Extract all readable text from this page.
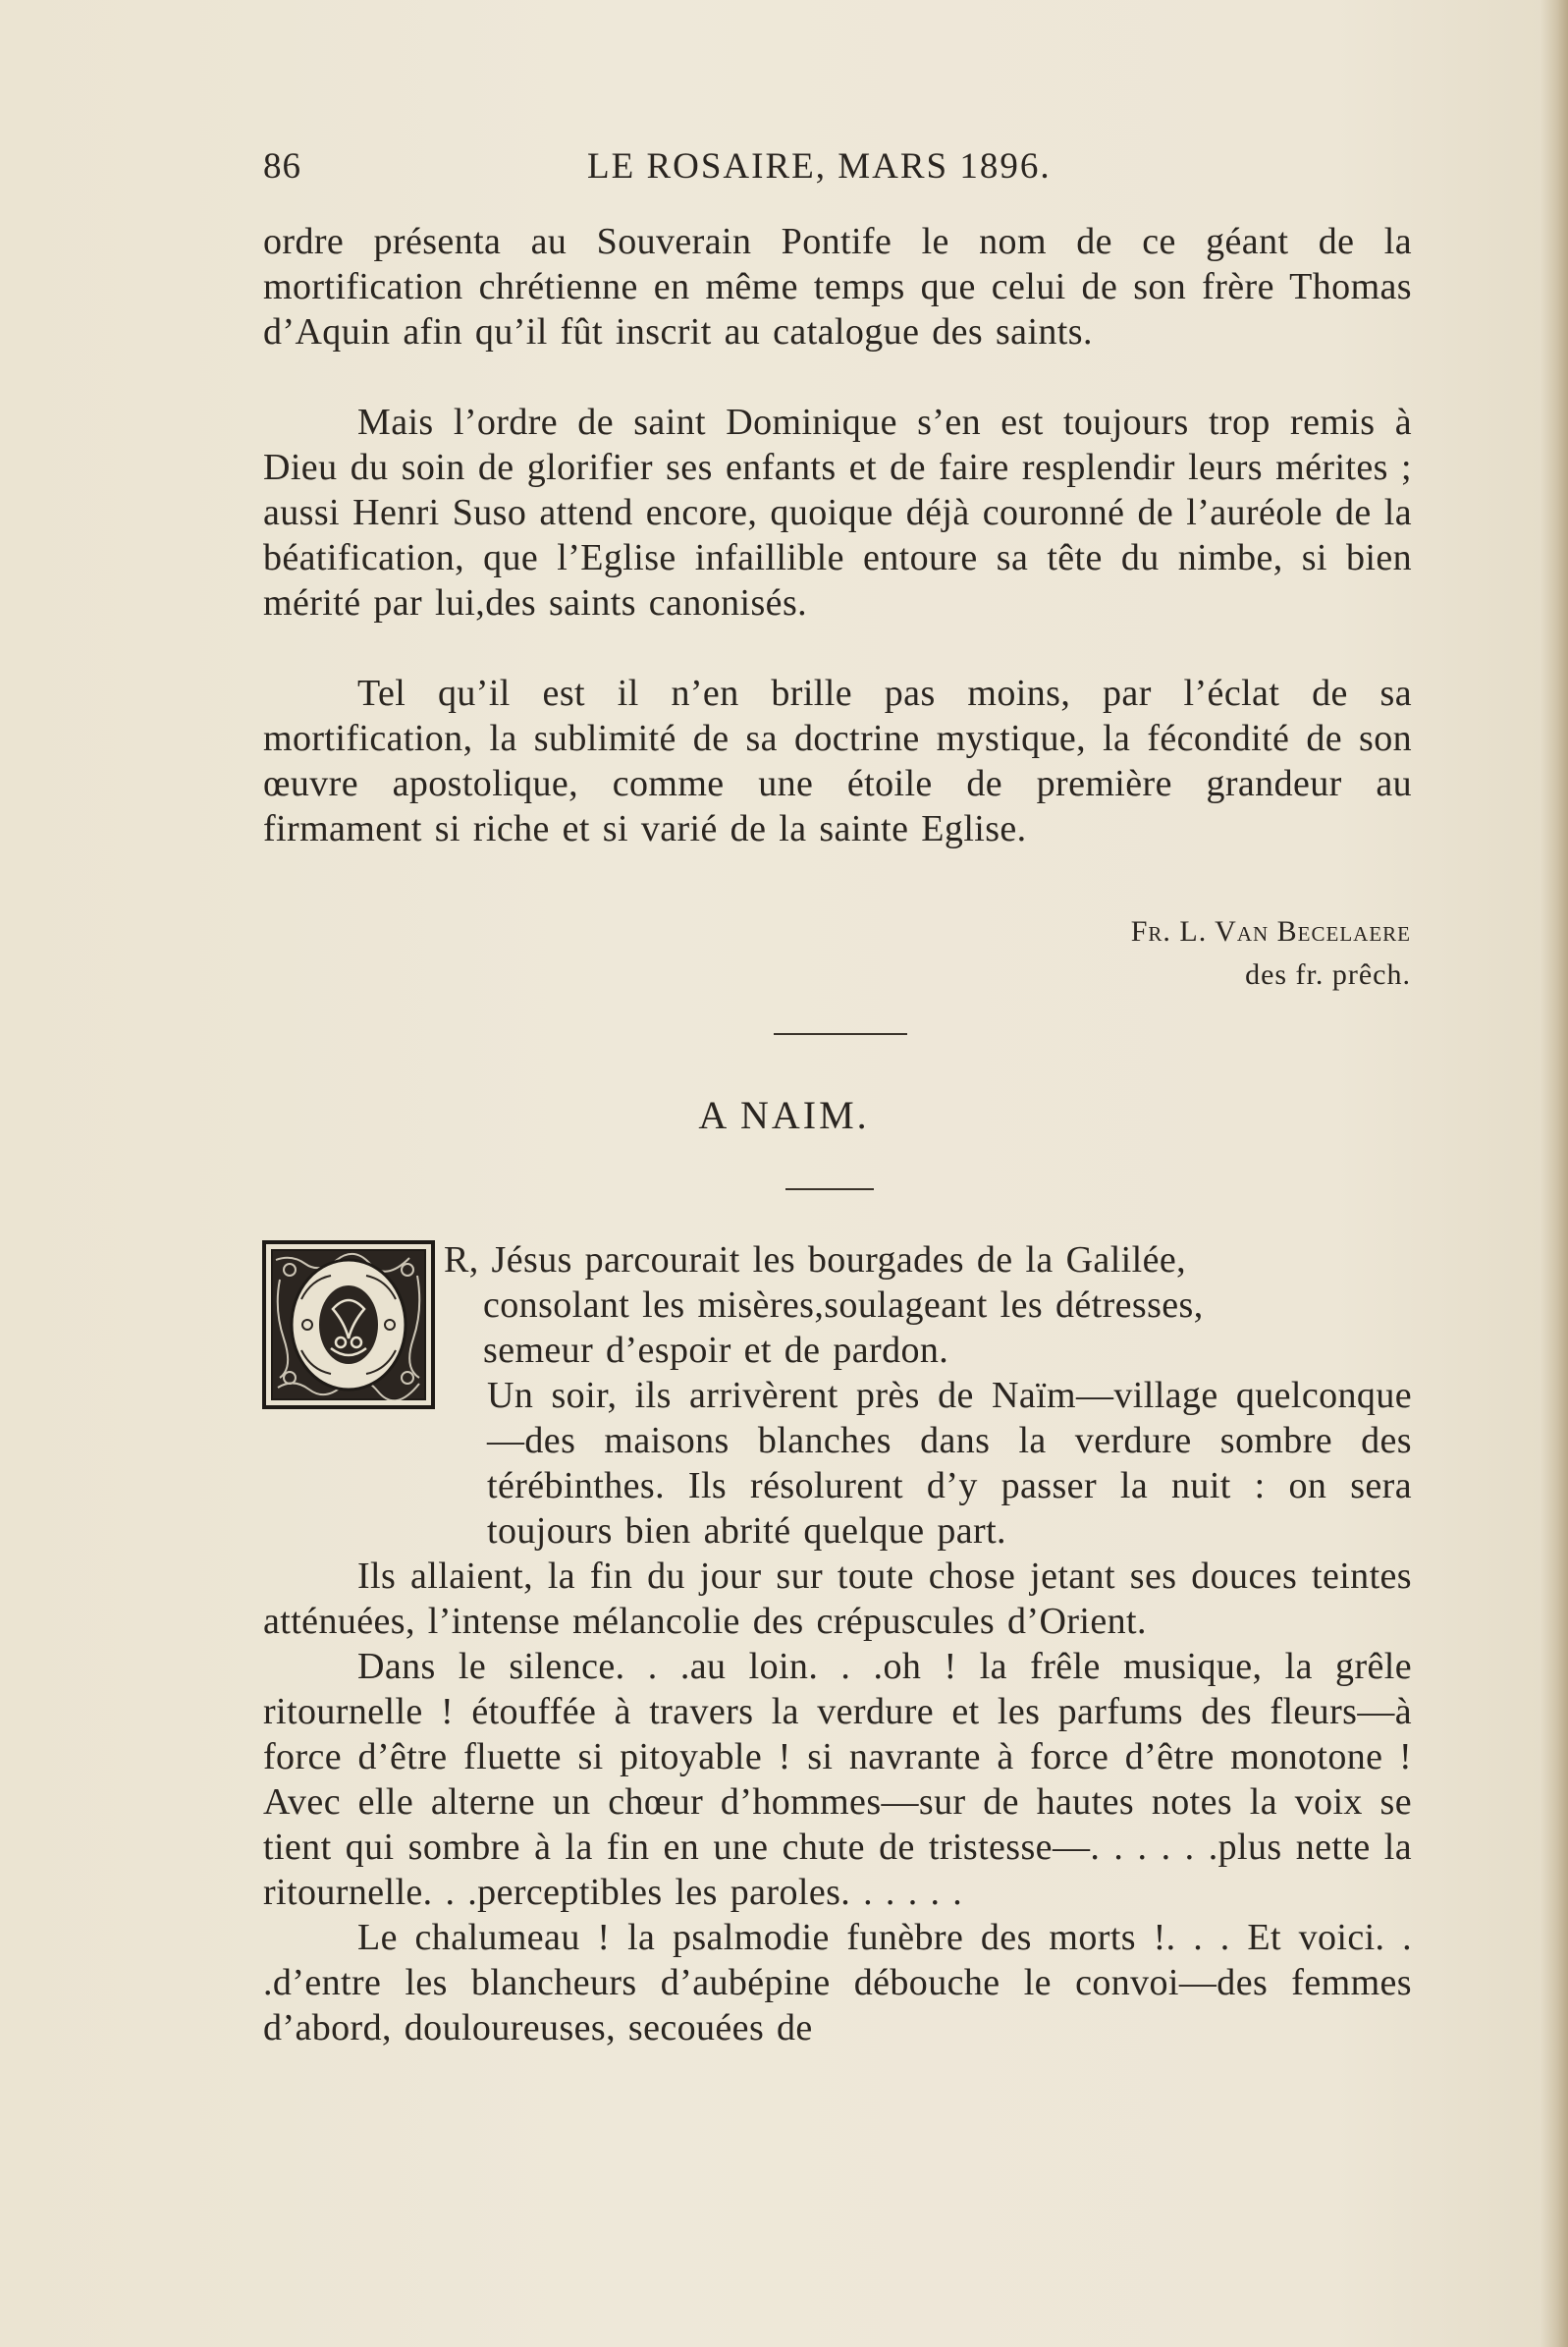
86	LE ROSAIRE, MARS 1896.

ordre présenta au Souverain Pontife le nom de ce géant de la mortification chrétienne en même temps que celui de son frère Thomas d’Aquin afin qu’il fût inscrit au catalogue des saints.

Mais l’ordre de saint Dominique s’en est toujours trop remis à Dieu du soin de glorifier ses enfants et de faire resplendir leurs mérites ; aussi Henri Suso attend encore, quoique déjà couronné de l’auréole de la béatification, que l’Eglise infaillible entoure sa tête du nimbe, si bien mérité par lui,des saints canonisés.

Tel qu’il est il n’en brille pas moins, par l’éclat de sa mortification, la sublimité de sa doctrine mystique, la fécondité de son œuvre apostolique, comme une étoile de première grandeur au firmament si riche et si varié de la sainte Eglise.

Fr. L. Van Becelaere
des fr. prêch.
A NAIM.
R, Jésus parcourait les bourgades de la Galilée,
consolant les misères,soulageant les détresses,
semeur d’espoir et de pardon.

Un soir, ils arrivèrent près de Naïm—village quelconque—des maisons blanches dans la verdure sombre des térébinthes. Ils résolurent d’y passer la nuit : on sera toujours bien abrité quelque part.

Ils allaient, la fin du jour sur toute chose jetant ses douces teintes atténuées, l’intense mélancolie des crépuscules d’Orient.

Dans le silence. . .au loin. . .oh ! la frêle musique, la grêle ritournelle ! étouffée à travers la verdure et les parfums des fleurs—à force d’être fluette si pitoyable ! si navrante à force d’être monotone ! Avec elle alterne un chœur d’hommes—sur de hautes notes la voix se tient qui sombre à la fin en une chute de tristesse—. . . . . .plus nette la ritournelle. . .perceptibles les paroles. . . . . .

Le chalumeau ! la psalmodie funèbre des morts !. . . Et voici. . .d’entre les blancheurs d’aubépine débouche le convoi—des femmes d’abord, douloureuses, secouées de
